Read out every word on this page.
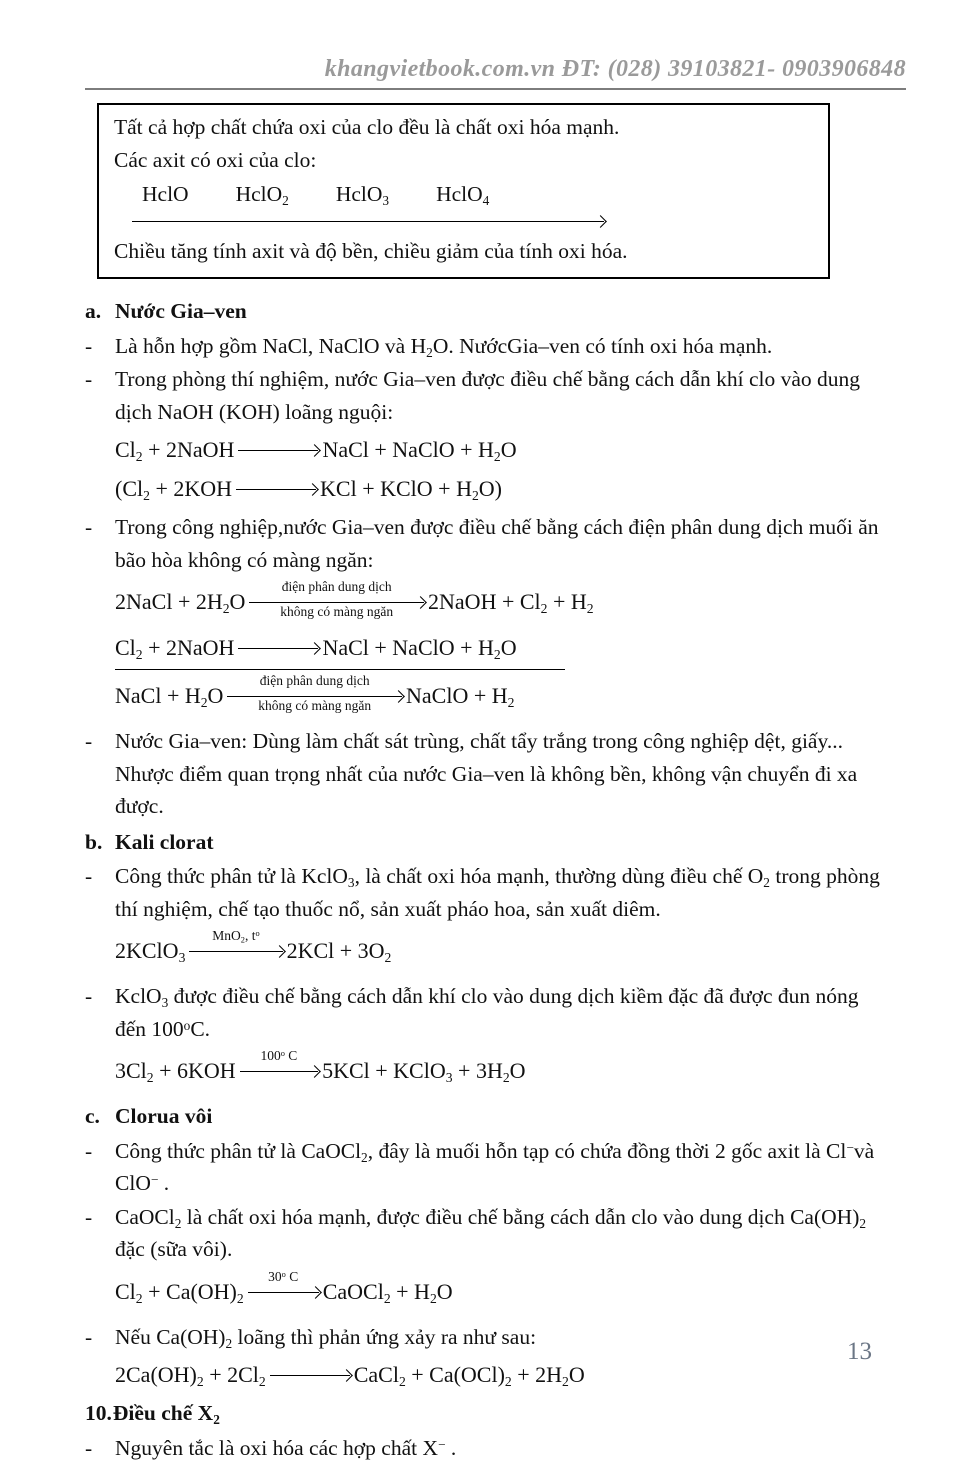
khangvietbook.com.vn ĐT: (028) 39103821- 0903906848
Tất cả hợp chất chứa oxi của clo đều là chất oxi hóa mạnh.
Các axit có oxi của clo:
HclO HclO$_2$ HclO$_3$ HclO$_4$
Chiều tăng tính axit và độ bền, chiều giảm của tính oxi hóa.
a. Nước Gia–ven
-	Là hỗn hợp gồm NaCl, NaClO và $H_2O$. NướcGia–ven có tính oxi hóa mạnh.
-	Trong phòng thí nghiệm, nước Gia–ven được điều chế bằng cách dẫn khí clo vào dung dịch NaOH (KOH) loãng nguội:
$Cl_2$ + 2NaOH	NaCl + NaClO + $H_2O$
($Cl_2 + 2KOH$	KCl + KClO + $H_2O$)
-	Trong công nghiệp,nước Gia–ven được điều chế bằng cách điện phân dung dịch muối ăn bão hòa không có màng ngăn:
2NaCl + $2H_2O$
điện phân dung dịch
không có màng ngăn 2NaOH + $Cl_2 + H_2$
$Cl_2$ + 2NaOH	NaCl + NaClO + $H_2O$
NaCl + $H_2O$
điện phân dung dịch
không có màng ngăn NaClO + $H_2$
-	Nước Gia–ven: Dùng làm chất sát trùng, chất tẩy trắng trong công nghiệp dệt, giấy... Nhược điểm quan trọng nhất của nước Gia–ven là không bền, không vận chuyển đi xa được.
b. Kali clorat
-	Công thức phân tử là KclO$_3$, là chất oxi hóa mạnh, thường dùng điều chế $O_2$ trong phòng thí nghiệm, chế tạo thuốc nổ, sản xuất pháo hoa, sản xuất diêm.
2KClO$_3$
MnO$_2$, $t^o$
$2KCl + 3O_2$
-	KclO$_3$ được điều chế bằng cách dẫn khí clo vào dung dịch kiềm đặc đã được đun nóng đến 100$^o$C.
$3Cl_2 + 6KOH$
100$^o$ C
5KCl + KClO$_3$ + $3H_2O$
c. Clorua vôi
-	Công thức phân tử là CaOCl$_2$, đây là muối hỗn tạp có chứa đồng thời 2 gốc axit là Cl−và ClO− .
-	CaOCl$_2$ là chất oxi hóa mạnh, được điều chế bằng cách dẫn clo vào dung dịch $Ca(OH)_2$ đặc (sữa vôi).
$Cl_2 + Ca(OH)_2$
30$^o$ C
CaOCl$_2$ + $H_2O$
-	Nếu $Ca(OH)_2$ loãng thì phản ứng xảy ra như sau:
$2Ca(OH)_2 + 2Cl_2$	CaCl$_2$ + $Ca(OCl)_2 + 2H_2O$
10. Điều chế $X_2$
-	Nguyên tắc là oxi hóa các hợp chất X− .
13
